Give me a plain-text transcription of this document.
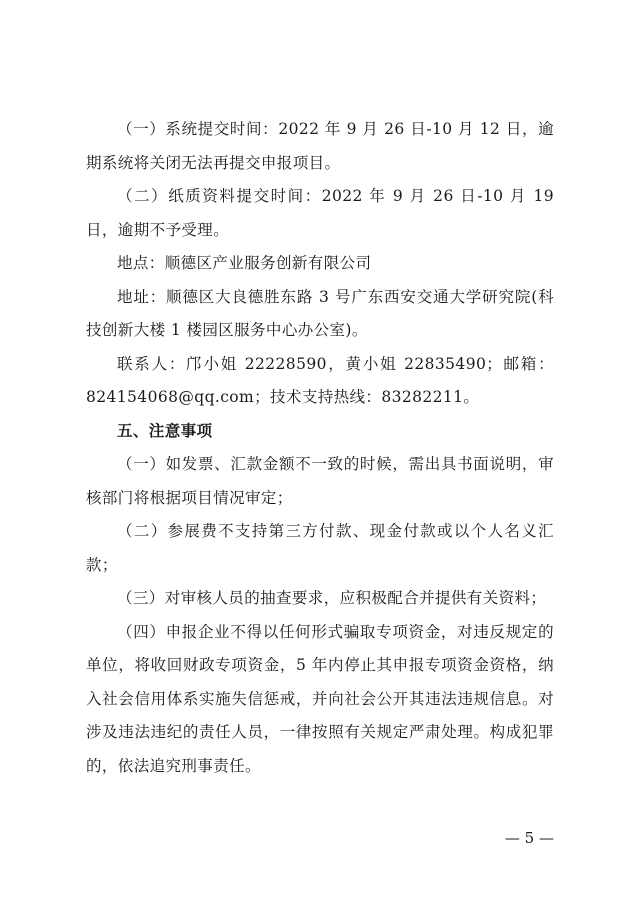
（一）系统提交时间：2022 年 9 月 26 日-10 月 12 日，逾期系统将关闭无法再提交申报项目。

（二）纸质资料提交时间：2022 年 9 月 26 日-10 月 19 日，逾期不予受理。

地点：顺德区产业服务创新有限公司

地址：顺德区大良德胜东路 3 号广东西安交通大学研究院(科技创新大楼 1 楼园区服务中心办公室)。

联系人：邝小姐 22228590，黄小姐 22835490；邮箱：824154068@qq.com；技术支持热线：83282211。

五、注意事项

（一）如发票、汇款金额不一致的时候，需出具书面说明，审核部门将根据项目情况审定；

（二）参展费不支持第三方付款、现金付款或以个人名义汇款；

（三）对审核人员的抽查要求，应积极配合并提供有关资料；

（四）申报企业不得以任何形式骗取专项资金，对违反规定的单位，将收回财政专项资金，5 年内停止其申报专项资金资格，纳入社会信用体系实施失信惩戒，并向社会公开其违法违规信息。对涉及违法违纪的责任人员，一律按照有关规定严肃处理。构成犯罪的，依法追究刑事责任。

— 5 —
